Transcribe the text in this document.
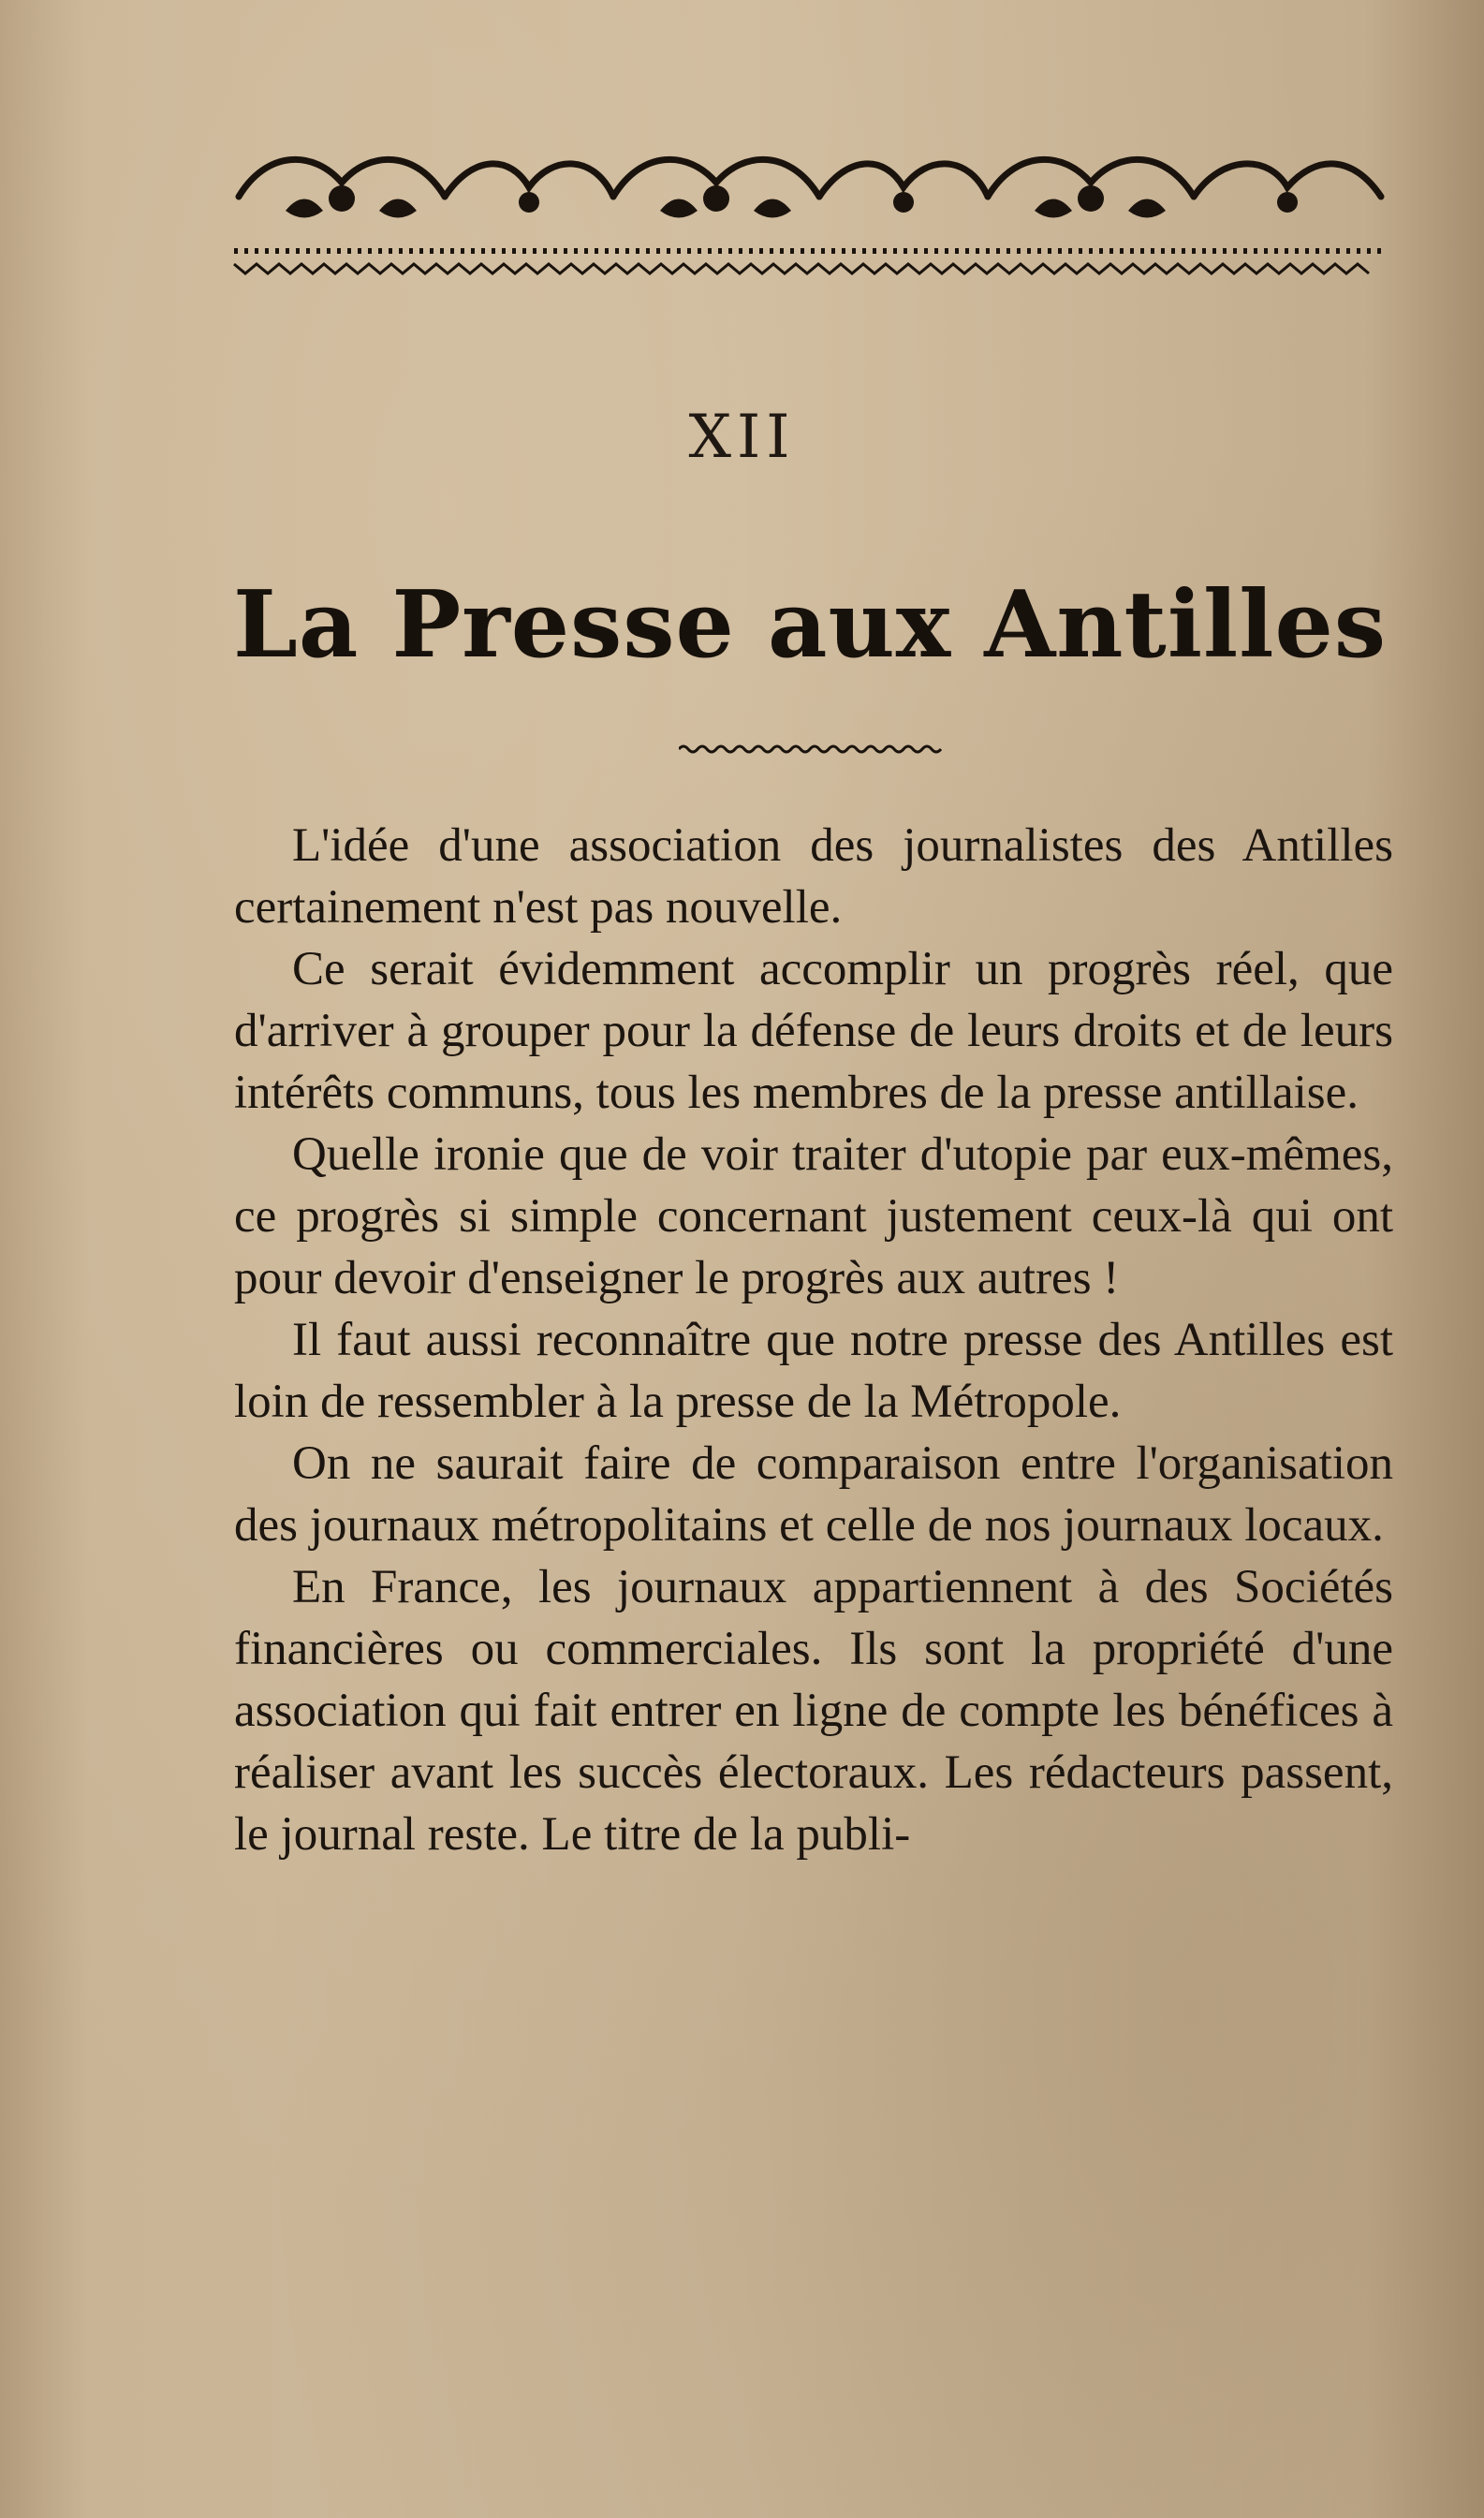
XII
La Presse aux Antilles

L'idée d'une association des journalistes des Antilles certainement n'est pas nouvelle.

Ce serait évidemment accomplir un progrès réel, que d'arriver à grouper pour la défense de leurs droits et de leurs intérêts communs, tous les membres de la presse antillaise.

Quelle ironie que de voir traiter d'utopie par eux-mêmes, ce progrès si simple concernant justement ceux-là qui ont pour devoir d'enseigner le progrès aux autres !

Il faut aussi reconnaître que notre presse des Antilles est loin de ressembler à la presse de la Métropole.

On ne saurait faire de comparaison entre l'organisation des journaux métropolitains et celle de nos journaux locaux.

En France, les journaux appartiennent à des Sociétés financières ou commerciales. Ils sont la propriété d'une association qui fait entrer en ligne de compte les bénéfices à réaliser avant les succès électoraux. Les rédacteurs passent, le journal reste. Le titre de la publi-
